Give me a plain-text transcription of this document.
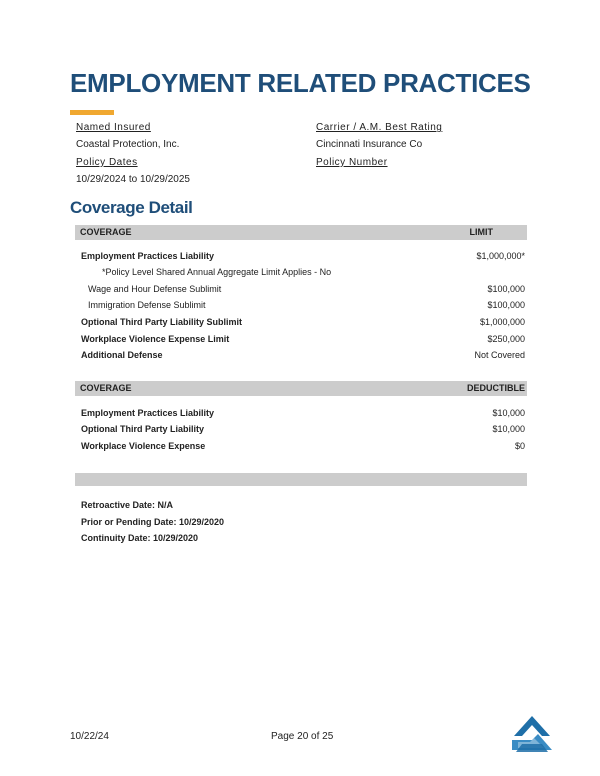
EMPLOYMENT RELATED PRACTICES
Named Insured
Coastal Protection, Inc.
Carrier / A.M. Best Rating
Cincinnati Insurance Co
Policy Dates
10/29/2024 to 10/29/2025
Policy Number
Coverage Detail
COVERAGE	LIMIT
Employment Practices Liability	$1,000,000*
*Policy Level Shared Annual Aggregate Limit Applies - No
Wage and Hour Defense Sublimit	$100,000
Immigration Defense Sublimit	$100,000
Optional Third Party Liability Sublimit	$1,000,000
Workplace Violence Expense Limit	$250,000
Additional Defense	Not Covered
COVERAGE	DEDUCTIBLE
Employment Practices Liability	$10,000
Optional Third Party Liability	$10,000
Workplace Violence Expense	$0
Retroactive Date: N/A
Prior or Pending Date: 10/29/2020
Continuity Date: 10/29/2020
10/22/24	Page 20 of 25
